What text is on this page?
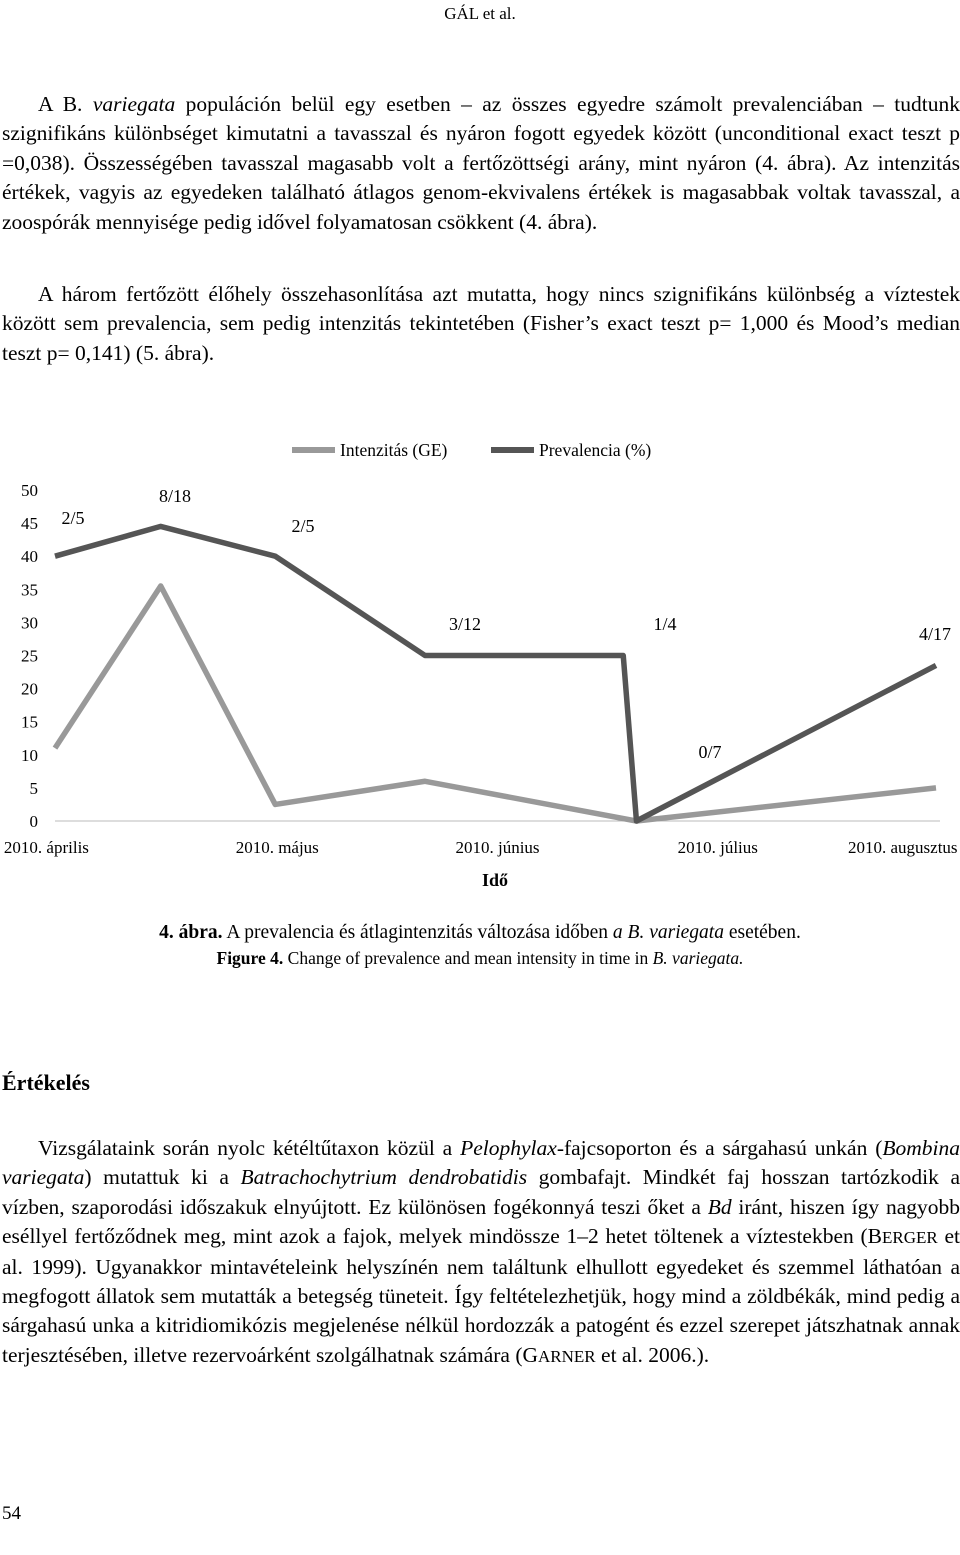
GÁL et al.

A B. variegata populáción belül egy esetben – az összes egyedre számolt prevalenciában – tudtunk szignifikáns különbséget kimutatni a tavasszal és nyáron fogott egyedek között (unconditional exact teszt p =0,038). Összességében tavasszal magasabb volt a fertőzöttségi arány, mint nyáron (4. ábra). Az intenzitás értékek, vagyis az egyedeken található átlagos genom-ekvivalens értékek is magasabbak voltak tavasszal, a zoospórák mennyisége pedig idővel folyamatosan csökkent (4. ábra).

A három fertőzött élőhely összehasonlítása azt mutatta, hogy nincs szignifikáns különbség a víztestek között sem prevalencia, sem pedig intenzitás tekintetében (Fisher’s exact teszt p= 1,000 és Mood’s median teszt p= 0,141) (5. ábra).

Intenzitás (GE)	Prevalencia (%)
0
5
10
15
20
25
30
35
40
45
50
2010. április	2010. május	2010. június	2010. július	2010. augusztus
2/5
8/18
2/5
3/12	1/4
0/7
4/17
Idő
4. ábra. A prevalencia és átlagintenzitás változása időben a B. variegata esetében.
Figure 4. Change of prevalence and mean intensity in time in B. variegata.
Értékelés

Vizsgálataink során nyolc kétéltűtaxon közül a Pelophylax-fajcsoporton és a sárgahasú unkán (Bombina variegata) mutattuk ki a Batrachochytrium dendrobatidis gombafajt. Mindkét faj hosszan tartózkodik a vízben, szaporodási időszakuk elnyújtott. Ez különösen fogékonnyá teszi őket a Bd iránt, hiszen így nagyobb eséllyel fertőződnek meg, mint azok a fajok, melyek mindössze 1–2 hetet töltenek a víztestekben (BERGER et al. 1999). Ugyanakkor mintavételeink helyszínén nem találtunk elhullott egyedeket és szemmel láthatóan a megfogott állatok sem mutatták a betegség tüneteit. Így feltételezhetjük, hogy mind a zöldbékák, mind pedig a sárgahasú unka a kitridiomikózis megjelenése nélkül hordozzák a patogént és ezzel szerepet játszhatnak annak terjesztésében, illetve rezervoárként szolgálhatnak számára (GARNER et al. 2006.).

54
